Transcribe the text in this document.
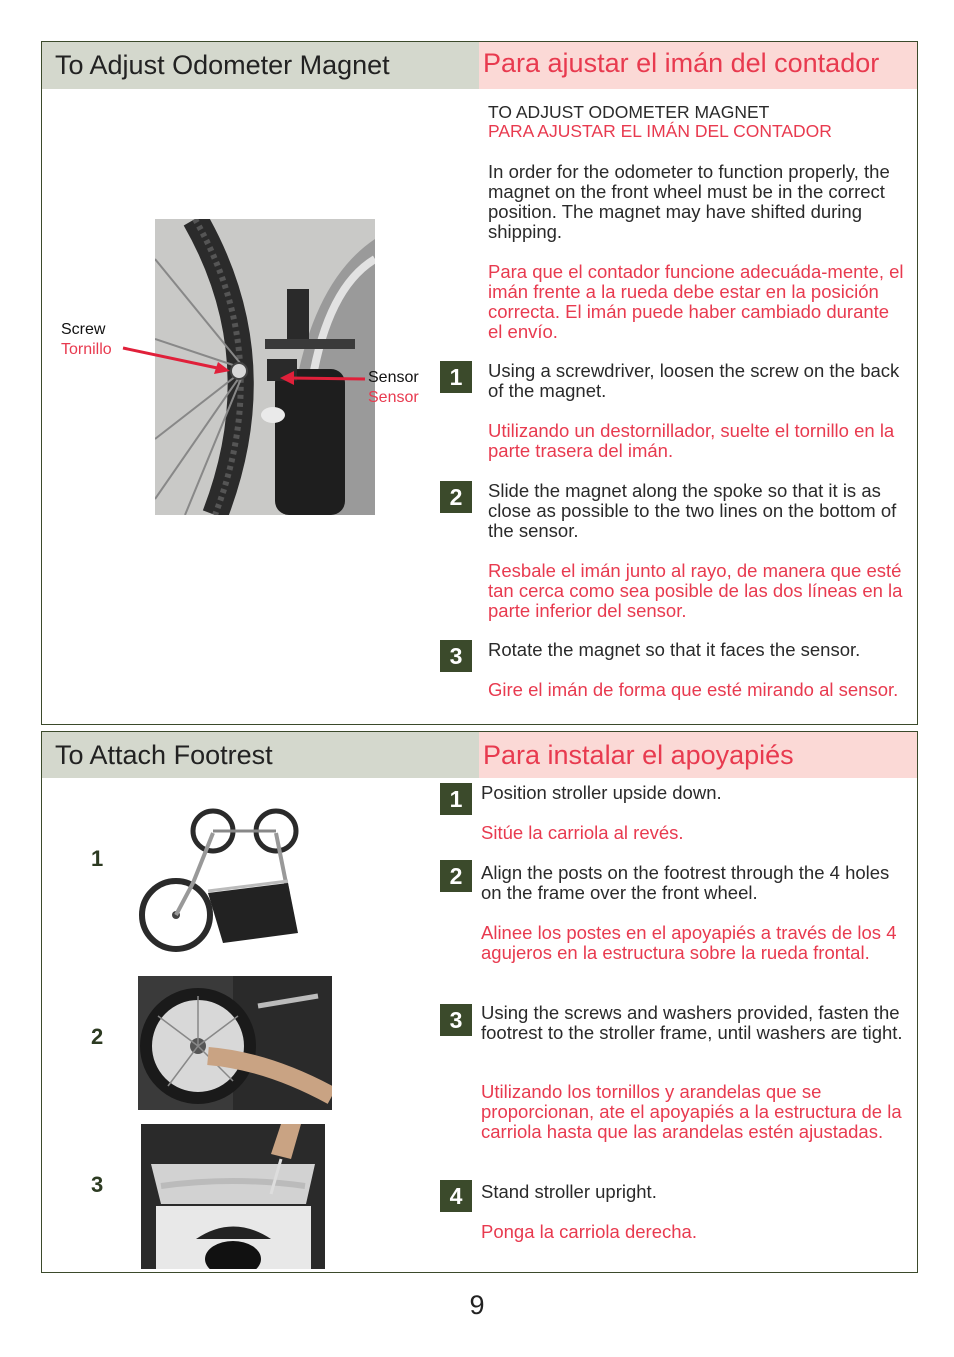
To Adjust Odometer Magnet	Para ajustar el imán del contador
TO ADJUST ODOMETER MAGNET
PARA AJUSTAR EL IMÁN DEL CONTADOR
In order for the odometer to function properly, the magnet on the front wheel must be in the correct position. The magnet may have shifted during shipping.
Para que el contador funcione adecuáda-mente, el imán frente a la rueda debe estar en la posición correcta. El imán puede haber cambiado durante el envío.
1	Using a screwdriver, loosen the screw on the back of the magnet.
Utilizando un destornillador, suelte el tornillo en la parte trasera del imán.
2	Slide the magnet along the spoke so that it is as close as possible to the two lines on the bottom of the sensor.
Resbale el imán junto al rayo, de manera que esté tan cerca como sea posible de las dos líneas en la parte inferior del sensor.
3	Rotate the magnet so that it faces the sensor.
Gire el imán de forma que esté mirando al sensor.
Screw
Tornillo
Sensor
Sensor
To Attach Footrest	Para instalar el apoyapiés
1	Position stroller upside down.
Sitúe la carriola al revés.
2	Align the posts on the footrest through the 4 holes on the frame over the front wheel.
Alinee los postes en el apoyapiés a través de los 4 agujeros en la estructura sobre la rueda frontal.
3	Using the screws and washers provided, fasten the footrest to the stroller frame, until washers are tight.
Utilizando los tornillos y arandelas que se proporcionan, ate el apoyapiés a la estructura de la carriola hasta que las arandelas estén ajustadas.
4	Stand stroller upright.
Ponga la carriola derecha.
1
2
3
9
